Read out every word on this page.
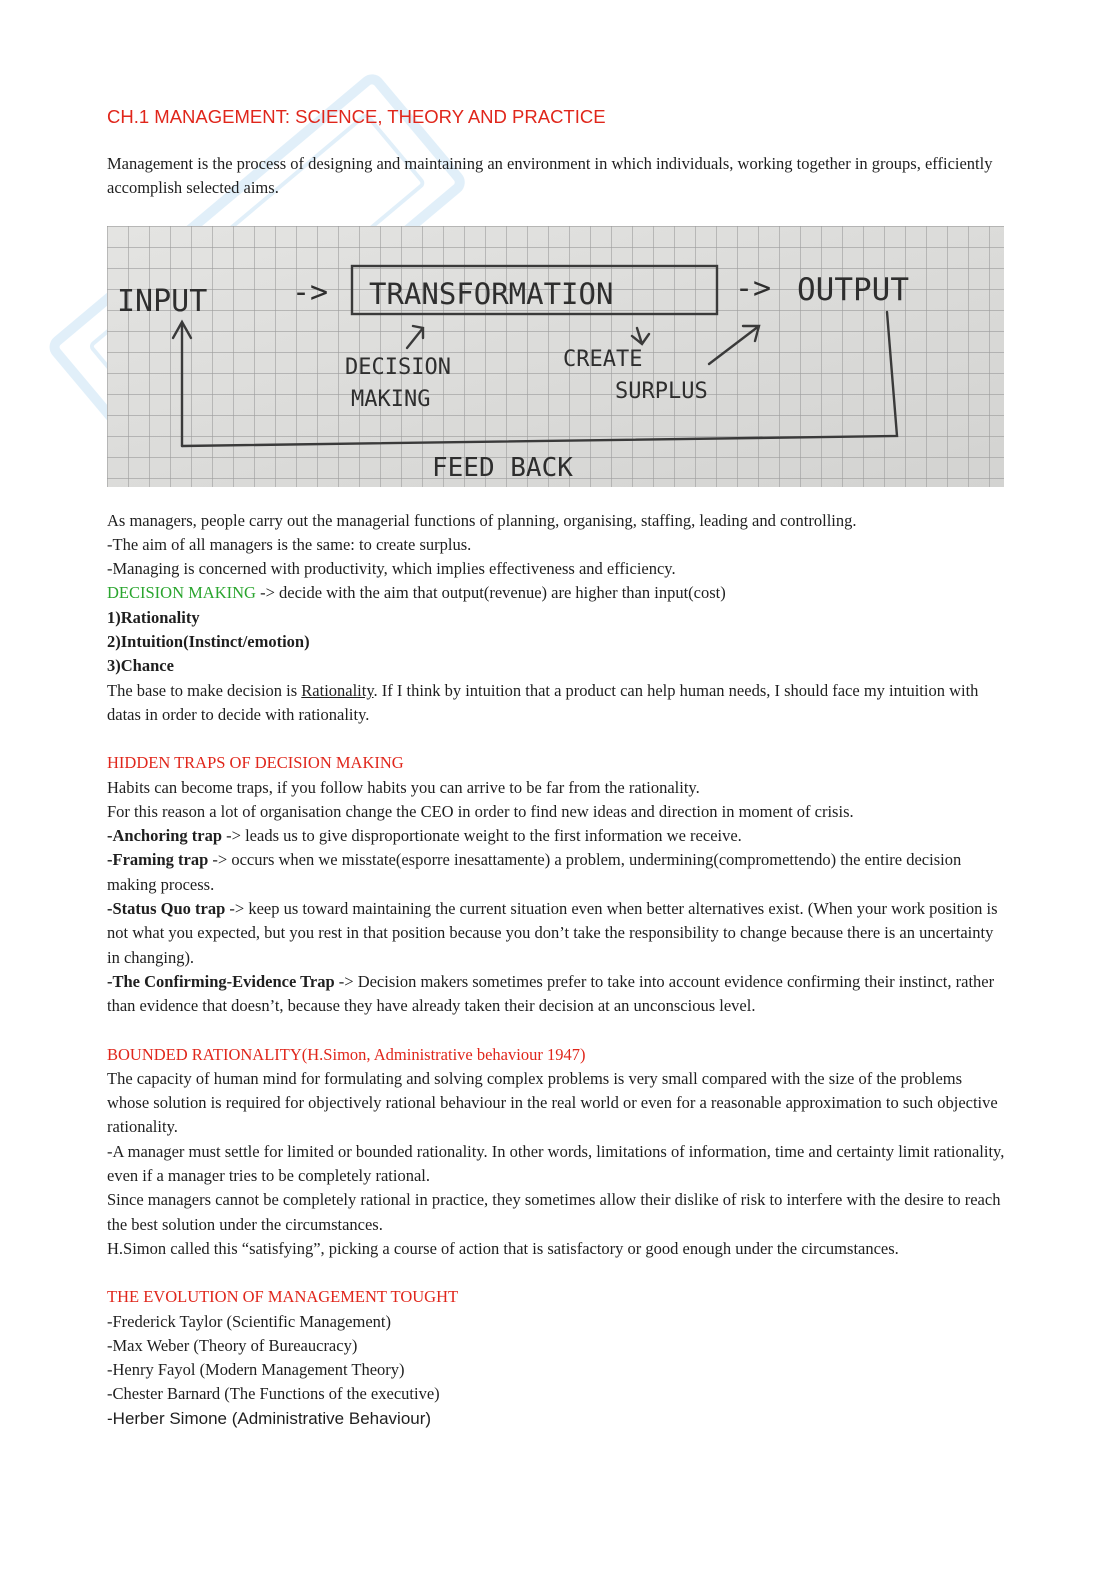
CH.1 MANAGEMENT: SCIENCE, THEORY AND PRACTICE
Management is the process of designing and maintaining an environment in which individuals, working together in groups, efficiently accomplish selected aims.
INPUT	-> TRANSFORMATION	-> OUTPUT
DECISION
MAKING
CREATE
SURPLUS
FEED BACK
As managers, people carry out the managerial functions of planning, organising, staffing, leading and controlling.
-The aim of all managers is the same: to create surplus.
-Managing is concerned with productivity, which implies effectiveness and efficiency.
DECISION MAKING -> decide with the aim that output(revenue) are higher than input(cost)
1)Rationality
2)Intuition(Instinct/emotion)
3)Chance
The base to make decision is Rationality. If I think by intuition that a product can help human needs, I should face my intuition with datas in order to decide with rationality.
HIDDEN TRAPS OF DECISION MAKING
Habits can become traps, if you follow habits you can arrive to be far from the rationality.
For this reason a lot of organisation change the CEO in order to find new ideas and direction in moment of crisis.
-Anchoring trap -> leads us to give disproportionate weight to the first information we receive.
-Framing trap -> occurs when we misstate(esporre inesattamente) a problem, undermining(compromettendo) the entire decision making process.
-Status Quo trap -> keep us toward maintaining the current situation even when better alternatives exist. (When your work position is not what you expected, but you rest in that position because you don’t take the responsibility to change because there is an uncertainty in changing).
-The Confirming-Evidence Trap -> Decision makers sometimes prefer to take into account evidence confirming their instinct, rather than evidence that doesn’t, because they have already taken their decision at an unconscious level.
BOUNDED RATIONALITY(H.Simon, Administrative behaviour 1947)
The capacity of human mind for formulating and solving complex problems is very small compared with the size of the problems whose solution is required for objectively rational behaviour in the real world or even for a reasonable approximation to such objective rationality.
-A manager must settle for limited or bounded rationality. In other words, limitations of information, time and certainty limit rationality, even if a manager tries to be completely rational.
Since managers cannot be completely rational in practice, they sometimes allow their dislike of risk to interfere with the desire to reach the best solution under the circumstances.
H.Simon called this “satisfying”, picking a course of action that is satisfactory or good enough under the circumstances.
THE EVOLUTION OF MANAGEMENT TOUGHT
-Frederick Taylor (Scientific Management)
-Max Weber (Theory of Bureaucracy)
-Henry Fayol (Modern Management Theory)
-Chester Barnard (The Functions of the executive)
-Herber Simone (Administrative Behaviour)
